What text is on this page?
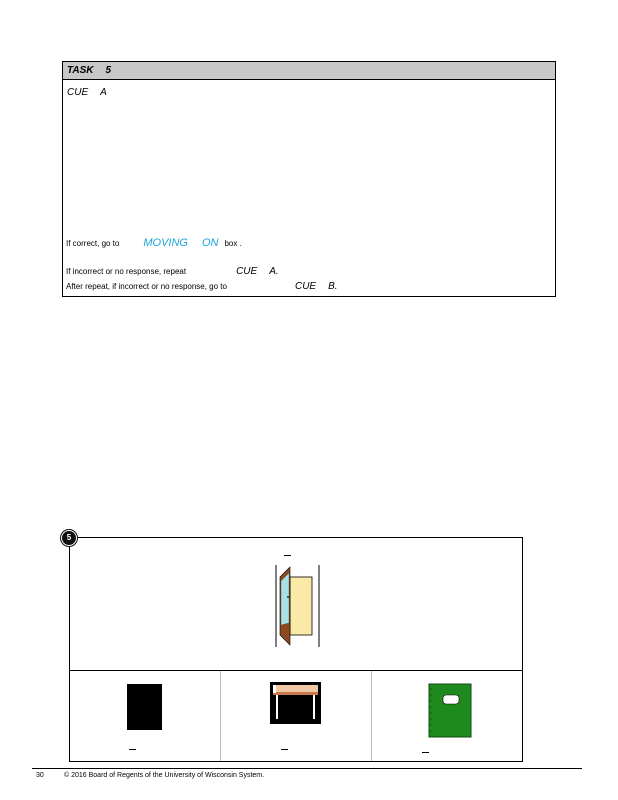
TASK 5
CUE A
If correct, go to MOVING ON box .
If incorrect or no response, repeat	CUE A.
After repeat, if incorrect or no response, go to	CUE B.
5
30	© 2016 Board of Regents of the University of Wisconsin System.
